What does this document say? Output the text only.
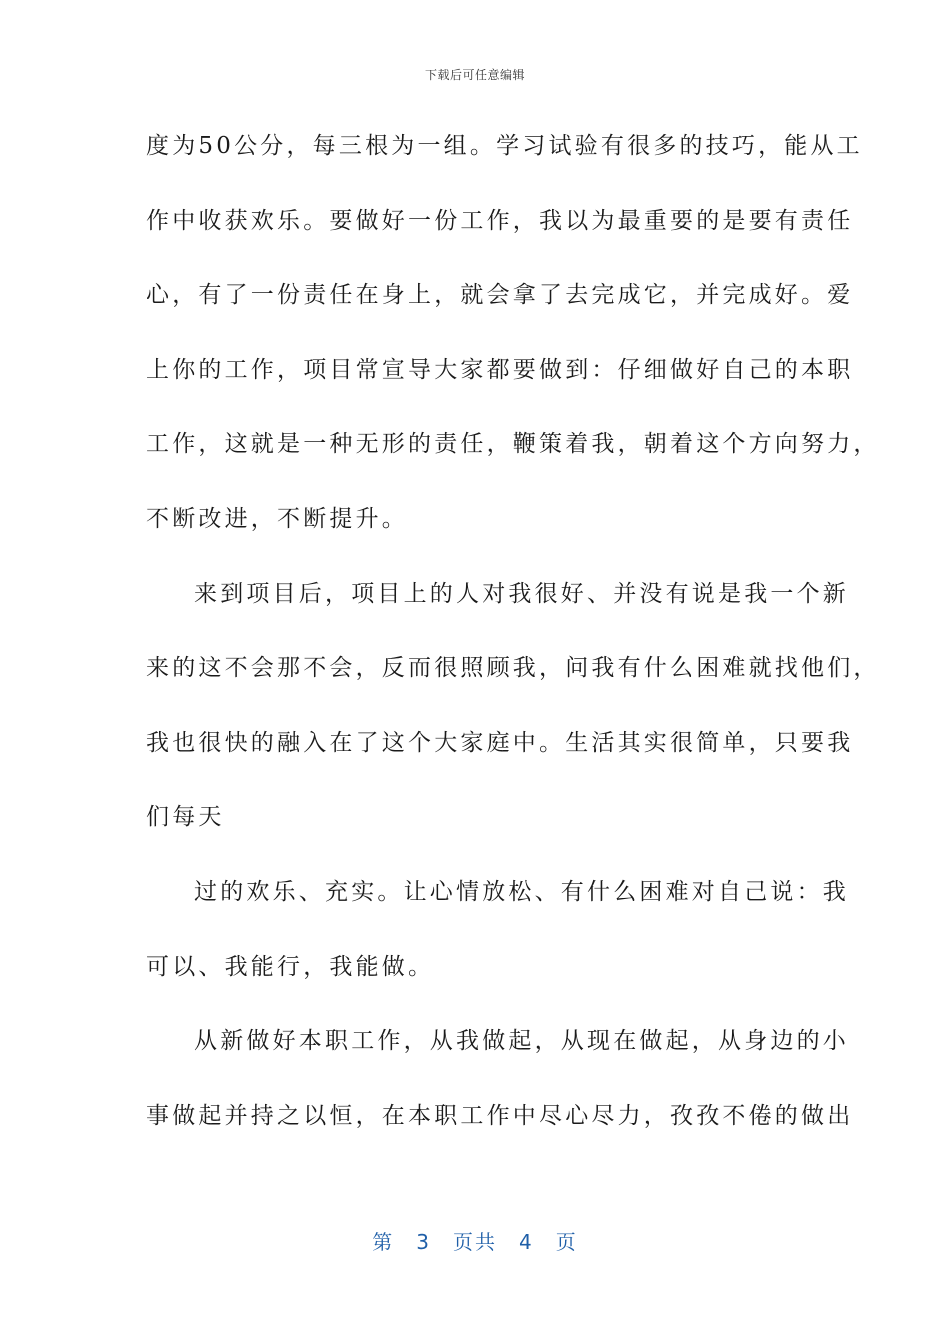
下载后可任意编辑
度为50公分，每三根为一组。学习试验有很多的技巧，能从工
作中收获欢乐。要做好一份工作，我以为最重要的是要有责任
心，有了一份责任在身上，就会拿了去完成它，并完成好。爱
上你的工作，项目常宣导大家都要做到：仔细做好自己的本职
工作，这就是一种无形的责任，鞭策着我，朝着这个方向努力，
不断改进，不断提升。
来到项目后，项目上的人对我很好、并没有说是我一个新
来的这不会那不会，反而很照顾我，问我有什么困难就找他们，
我也很快的融入在了这个大家庭中。生活其实很简单，只要我
们每天
过的欢乐、充实。让心情放松、有什么困难对自己说：我
可以、我能行，我能做。
从新做好本职工作，从我做起，从现在做起，从身边的小
事做起并持之以恒，在本职工作中尽心尽力，孜孜不倦的做出
第 3 页共 4 页
